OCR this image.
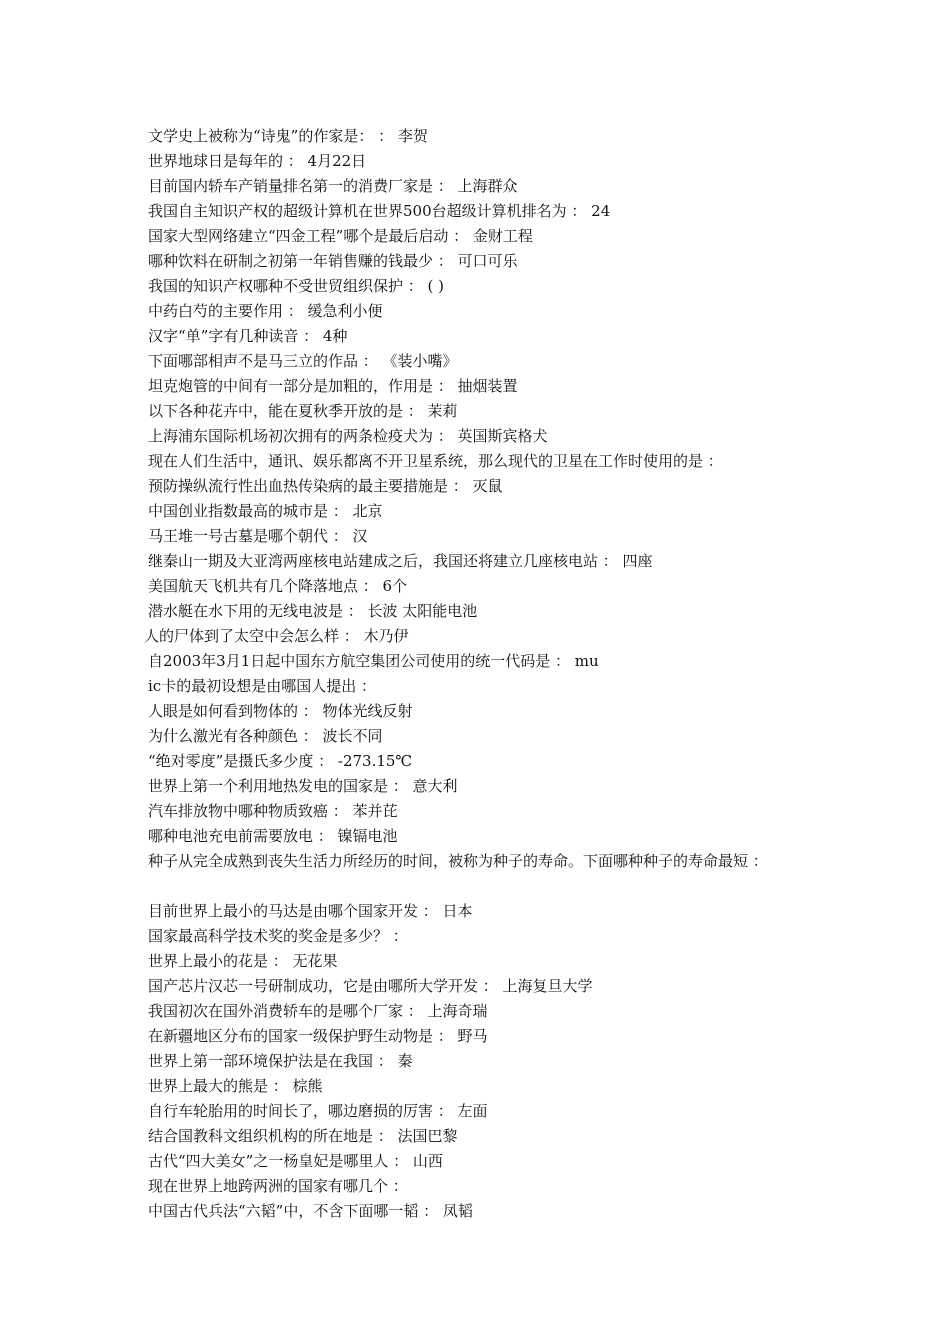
文学史上被称为“诗鬼”的作家是： ： 李贺
世界地球日是每年的 ： 4月22日
目前国内轿车产销量排名第一的消费厂家是 ： 上海群众
我国自主知识产权的超级计算机在世界500台超级计算机排名为 ： 24
国家大型网络建立“四金工程”哪个是最后启动 ： 金财工程
哪种饮料在研制之初第一年销售赚的钱最少 ： 可口可乐
我国的知识产权哪种不受世贸组织保护 ： ( )
中药白芍的主要作用 ： 缓急利小便
汉字“单”字有几种读音 ： 4种
下面哪部相声不是马三立的作品 ： 《装小嘴》
坦克炮管的中间有一部分是加粗的，作用是 ： 抽烟装置
以下各种花卉中，能在夏秋季开放的是 ： 茉莉
上海浦东国际机场初次拥有的两条检疫犬为 ： 英国斯宾格犬
现在人们生活中，通讯、娱乐都离不开卫星系统，那么现代的卫星在工作时使用的是 ：
预防操纵流行性出血热传染病的最主要措施是 ： 灭鼠
中国创业指数最高的城市是 ： 北京
马王堆一号古墓是哪个朝代 ： 汉
继秦山一期及大亚湾两座核电站建成之后，我国还将建立几座核电站 ： 四座
美国航天飞机共有几个降落地点 ： 6个
潜水艇在水下用的无线电波是 ： 长波 太阳能电池
人的尸体到了太空中会怎么样 ： 木乃伊
自2003年3月1日起中国东方航空集团公司使用的统一代码是 ： mu
ic卡的最初设想是由哪国人提出 ：
人眼是如何看到物体的 ： 物体光线反射
为什么激光有各种颜色 ： 波长不同
“绝对零度”是摄氏多少度 ： -273.15℃
世界上第一个利用地热发电的国家是 ： 意大利
汽车排放物中哪种物质致癌 ： 苯并芘
哪种电池充电前需要放电 ： 镍镉电池
种子从完全成熟到丧失生活力所经历的时间，被称为种子的寿命。下面哪种种子的寿命最短 ：
目前世界上最小的马达是由哪个国家开发 ： 日本
国家最高科学技术奖的奖金是多少？ ：
世界上最小的花是 ： 无花果
国产芯片汉芯一号研制成功，它是由哪所大学开发 ： 上海复旦大学
我国初次在国外消费轿车的是哪个厂家 ： 上海奇瑞
在新疆地区分布的国家一级保护野生动物是 ： 野马
世界上第一部环境保护法是在我国 ： 秦
世界上最大的熊是 ： 棕熊
自行车轮胎用的时间长了，哪边磨损的厉害 ： 左面
结合国教科文组织机构的所在地是 ： 法国巴黎
古代“四大美女”之一杨皇妃是哪里人 ： 山西
现在世界上地跨两洲的国家有哪几个 ：
中国古代兵法“六韬”中，不含下面哪一韬 ： 凤韬
